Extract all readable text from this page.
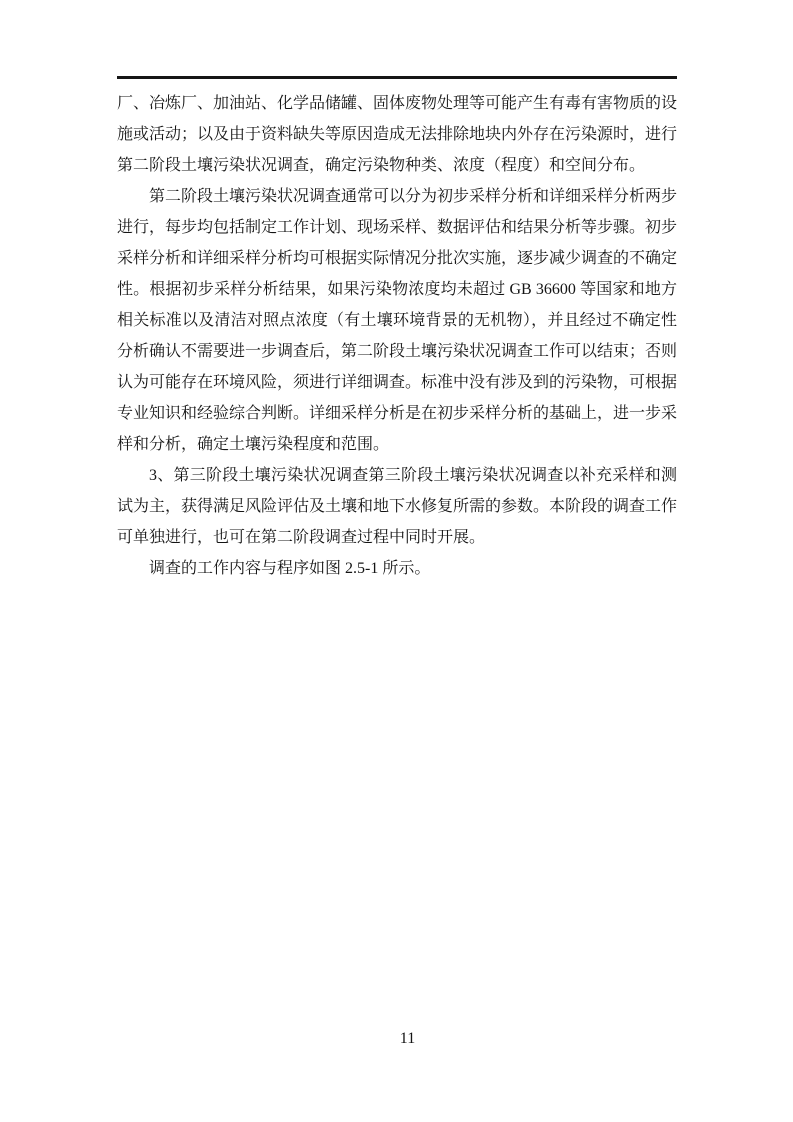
厂、冶炼厂、加油站、化学品储罐、固体废物处理等可能产生有毒有害物质的设施或活动；以及由于资料缺失等原因造成无法排除地块内外存在污染源时，进行第二阶段土壤污染状况调查，确定污染物种类、浓度（程度）和空间分布。

第二阶段土壤污染状况调查通常可以分为初步采样分析和详细采样分析两步进行，每步均包括制定工作计划、现场采样、数据评估和结果分析等步骤。初步采样分析和详细采样分析均可根据实际情况分批次实施，逐步减少调查的不确定性。根据初步采样分析结果，如果污染物浓度均未超过 GB 36600 等国家和地方相关标准以及清洁对照点浓度（有土壤环境背景的无机物），并且经过不确定性分析确认不需要进一步调查后，第二阶段土壤污染状况调查工作可以结束；否则认为可能存在环境风险，须进行详细调查。标准中没有涉及到的污染物，可根据专业知识和经验综合判断。详细采样分析是在初步采样分析的基础上，进一步采样和分析，确定土壤污染程度和范围。

3、第三阶段土壤污染状况调查第三阶段土壤污染状况调查以补充采样和测试为主，获得满足风险评估及土壤和地下水修复所需的参数。本阶段的调查工作可单独进行，也可在第二阶段调查过程中同时开展。

调查的工作内容与程序如图 2.5-1 所示。

11
